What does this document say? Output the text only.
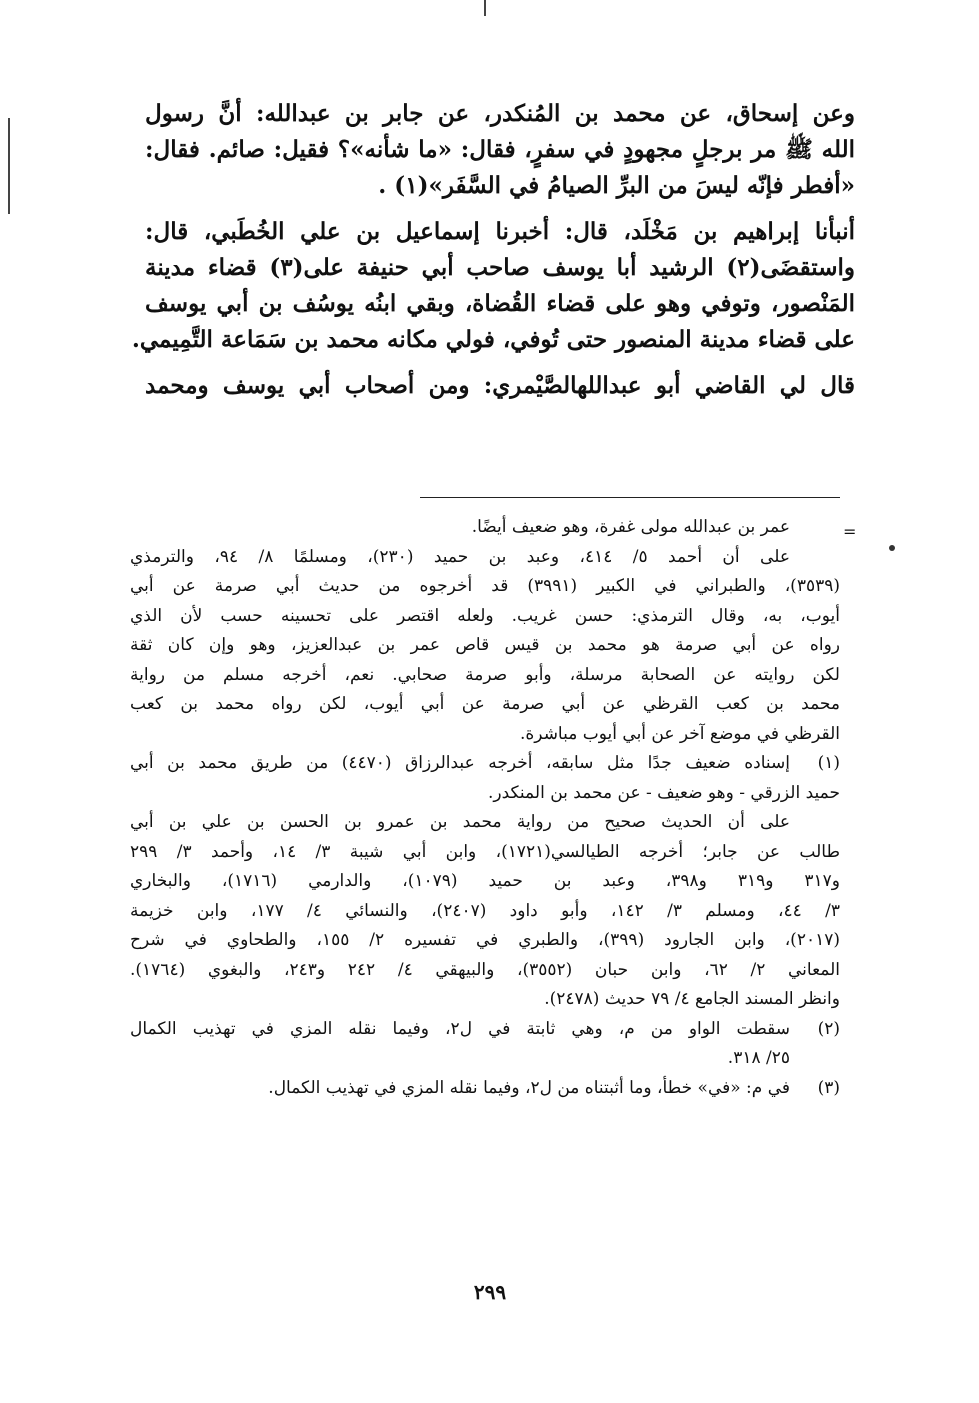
وعن إسحاق، عن محمد بن المُنكدر، عن جابر بن عبدالله: أنَّ رسول
الله ﷺ مر برجلٍ مجهودٍ في سفرٍ، فقال: «ما شأنه»؟ فقيل: صائم. فقال:
«أفطر فإنّه ليسَ من البرِّ الصيامُ في السَّفَر»(١) .
أنبأنا إبراهيم بن مَخْلَد، قال: أخبرنا إسماعيل بن علي الخُطَبي، قال:
واستقضَى(٢) الرشيد أبا يوسف صاحب أبي حنيفة على(٣) قضاء مدينة
المَنْصور، وتوفي وهو على قضاء القُضاة، وبقي ابنُه يوسُف بن أبي يوسف
على قضاء مدينة المنصور حتى تُوفي، فولي مكانه محمد بن سَمَاعة التَّمِيمي.
قال لي القاضي أبو عبداللهالصَّيْمري: ومن أصحاب أبي يوسف ومحمد
=
عمر بن عبدالله مولى غفرة، وهو ضعيف أيضًا.
على أن أحمد ٥/ ٤١٤، وعبد بن حميد (٢٣٠)، ومسلمًا ٨/ ٩٤، والترمذي
(٣٥٣٩)، والطبراني في الكبير (٣٩٩١) قد أخرجوه من حديث أبي صرمة عن أبي
أيوب، به، وقال الترمذي: حسن غريب. ولعله اقتصر على تحسينه حسب لأن الذي
رواه عن أبي صرمة هو محمد بن قيس قاص عمر بن عبدالعزيز، وهو وإن كان ثقة
لكن روايته عن الصحابة مرسلة، وأبو صرمة صحابي. نعم، أخرجه مسلم من رواية
محمد بن كعب القرظي عن أبي صرمة عن أبي أيوب، لكن رواه محمد بن كعب
القرظي في موضع آخر عن أبي أيوب مباشرة.
(١)إسناده ضعيف جدًا مثل سابقه، أخرجه عبدالرزاق (٤٤٧٠) من طريق محمد بن أبي
حميد الزرقي - وهو ضعيف - عن محمد بن المنكدر.
على أن الحديث صحيح من رواية محمد بن عمرو بن الحسن بن علي بن أبي
طالب عن جابر؛ أخرجه الطيالسي(١٧٢١)، وابن أبي شيبة ٣/ ١٤، وأحمد ٣/ ٢٩٩
و٣١٧ و٣١٩ و٣٩٨، وعبد بن حميد (١٠٧٩)، والدارمي (١٧١٦)، والبخاري
٣/ ٤٤، ومسلم ٣/ ١٤٢، وأبو داود (٢٤٠٧)، والنسائي ٤/ ١٧٧، وابن خزيمة
(٢٠١٧)، وابن الجارود (٣٩٩)، والطبري في تفسيره ٢/ ١٥٥، والطحاوي في شرح
المعاني ٢/ ٦٢، وابن حبان (٣٥٥٢)، والبيهقي ٤/ ٢٤٢ و٢٤٣، والبغوي (١٧٦٤).
وانظر المسند الجامع ٤/ ٧٩ حديث (٢٤٧٨).
(٢)سقطت الواو من م، وهي ثابتة في ل٢، وفيما نقله المزي في تهذيب الكمال
٢٥/ ٣١٨.
(٣)في م: «في» خطأ، وما أثبتناه من ل٢، وفيما نقله المزي في تهذيب الكمال.
٢٩٩
